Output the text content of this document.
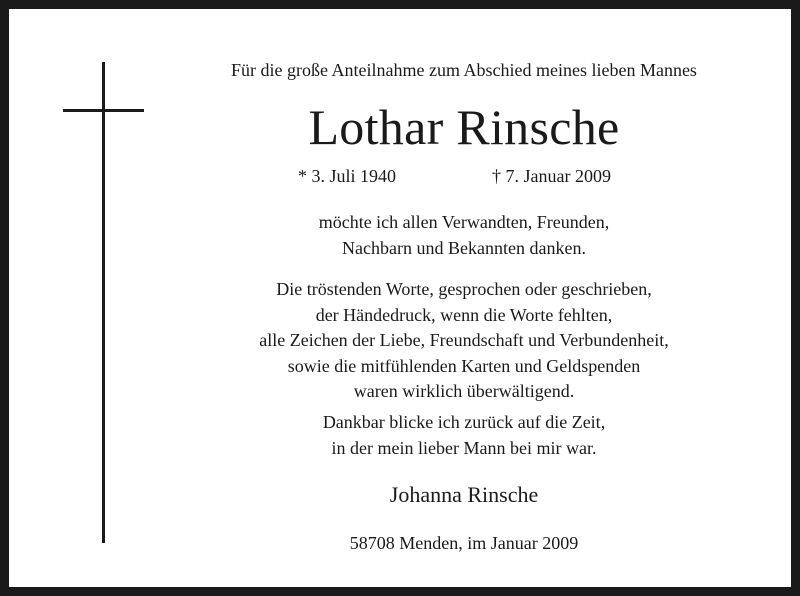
Für die große Anteilnahme zum Abschied meines lieben Mannes
Lothar Rinsche
* 3. Juli 1940	† 7. Januar 2009
möchte ich allen Verwandten, Freunden,
Nachbarn und Bekannten danken.
Die tröstenden Worte, gesprochen oder geschrieben,
der Händedruck, wenn die Worte fehlten,
alle Zeichen der Liebe, Freundschaft und Verbundenheit,
sowie die mitfühlenden Karten und Geldspenden
waren wirklich überwältigend.
Dankbar blicke ich zurück auf die Zeit,
in der mein lieber Mann bei mir war.
Johanna Rinsche
58708 Menden, im Januar 2009
